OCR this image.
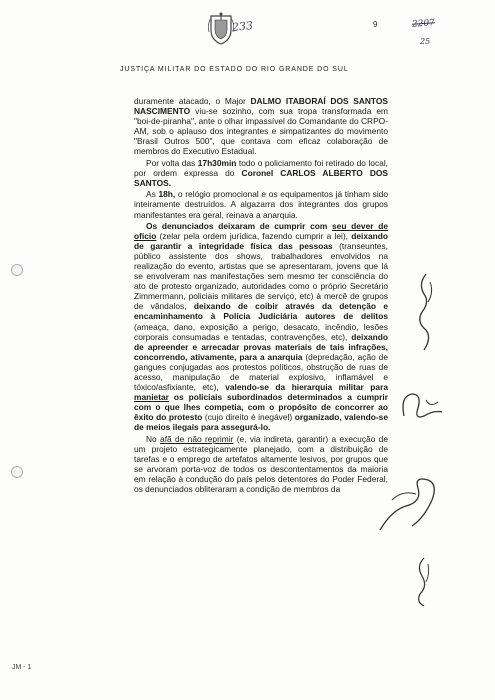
233	9	2207
25
JUSTIÇA MILITAR DO ESTADO DO RIO GRANDE DO SUL

duramente atacado, o Major DALMO ITABORAÍ DOS SANTOS NASCIMENTO viu-se sozinho, com sua tropa transformada em "boi-de-piranha", ante o olhar impassível do Comandante do CRPO-AM, sob o aplauso dos integrantes e simpatizantes do movimento "Brasil Outros 500", que contava com eficaz colaboração de membros do Executivo Estadual.

Por volta das 17h30min todo o policiamento foi retirado do local, por ordem expressa do Coronel CARLOS ALBERTO DOS SANTOS.

As 18h, o relógio promocional e os equipamentos já tinham sido inteiramente destruídos. A algazarra dos integrantes dos grupos manifestantes era geral, reinava a anarquia.

Os denunciados deixaram de cumprir com seu dever de ofício (zelar pela ordem jurídica, fazendo cumprir a lei), deixando de garantir a integridade física das pessoas (transeuntes, público assistente dos shows, trabalhadores envolvidos na realização do evento, artistas que se apresentaram, jovens que lá se envolveram nas manifestações sem mesmo ter consciência do ato de protesto organizado, autoridades como o próprio Secretário Zimmermann, policiais militares de serviço, etc) à mercê de grupos de vândalos, deixando de coibir através da detenção e encaminhamento à Polícia Judiciária autores de delitos (ameaça, dano, exposição a perigo, desacato, incêndio, lesões corporais consumadas e tentadas, contravenções, etc), deixando de apreender e arrecadar provas materiais de tais infrações, concorrendo, ativamente, para a anarquia (depredação, ação de gangues conjugadas aos protestos políticos, obstrução de ruas de acesso, manipulação de material explosivo, inflamável e tóxico/asfixiante, etc), valendo-se da hierarquia militar para manietar os policiais subordinados determinados a cumprir com o que lhes competia, com o propósito de concorrer ao êxito do protesto (cujo direito é inegável) organizado, valendo-se de meios ilegais para assegurá-lo.

No afã de não reprimir (e, via indireta, garantir) a execução de um projeto estrategicamente planejado, com a distribuição de tarefas e o emprego de artefatos altamente lesivos, por grupos que se arvoram porta-voz de todos os descontentamentos da maioria em relação à condução do país pelos detentores do Poder Federal, os denunciados obliteraram a condição de membros da

JM - 1
